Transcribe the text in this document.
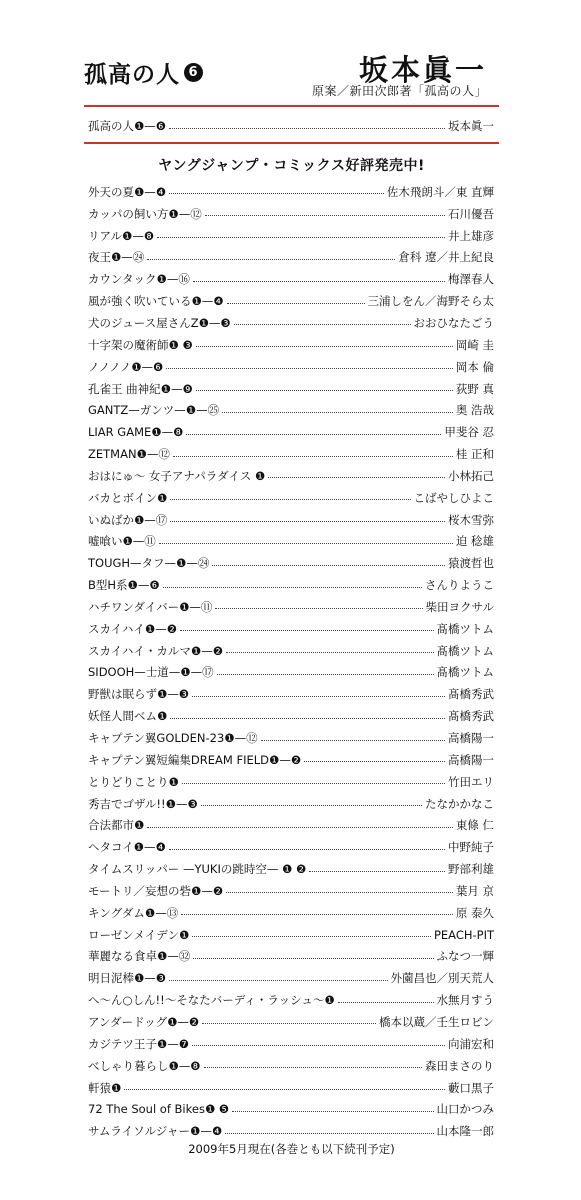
孤高の人 6	坂本眞一
原案／新田次郎著「孤高の人」
孤高の人❶—❻	坂本眞一
ヤングジャンプ・コミックス好評発売中!
外天の夏❶—❹	佐木飛朗斗／東 直輝
カッパの飼い方❶—⑫	石川優吾
リアル❶—❽	井上雄彦
夜王❶—㉔	倉科 遼／井上紀良
カウンタック❶—⑯	梅澤春人
風が強く吹いている❶—❹	三浦しをん／海野そら太
犬のジュース屋さんZ❶—❸	おおひなたごう
十字架の魔術師❶ ❸	岡崎 圭
ノノノノ❶—❻	岡本 倫
孔雀王 曲神紀❶—❾	荻野 真
GANTZ—ガンツ—❶—㉕	奥 浩哉
LIAR GAME❶—❽	甲斐谷 忍
ZETMAN❶—⑫	桂 正和
おはにゅ〜 女子アナパラダイス ❶	小林拓己
バカとボイン❶	こばやしひよこ
いぬばか❶—⑰	桜木雪弥
嘘喰い❶—⑪	迫 稔雄
TOUGH—タフ—❶—㉔	猿渡哲也
B型H系❶—❻	さんりようこ
ハチワンダイバー❶—⑪	柴田ヨクサル
スカイハイ❶—❷	髙橋ツトム
スカイハイ・カルマ❶—❷	髙橋ツトム
SIDOOH—士道—❶—⑰	髙橋ツトム
野獣は眠らず❶—❸	髙橋秀武
妖怪人間ベム❶	髙橋秀武
キャプテン翼GOLDEN-23❶—⑫	高橋陽一
キャプテン翼短編集DREAM FIELD❶—❷	高橋陽一
とりどりことり❶	竹田エリ
秀吉でゴザル!!❶—❸	たなかかなこ
合法都市❶	東條 仁
ヘタコイ❶—❹	中野純子
タイムスリッパー —YUKIの跳時空— ❶ ❷	野部利雄
モートリ／妄想の砦❶—❷	葉月 京
キングダム❶—⑬	原 泰久
ローゼンメイデン❶	PEACH-PIT
華麗なる食卓❶—㉜	ふなつ一輝
明日泥棒❶—❸	外薗昌也／別天荒人
へ〜ん○しん!!〜そなたバーディ・ラッシュ〜❶	水無月すう
アンダードッグ❶—❷	橋本以蔵／壬生ロビン
カジテツ王子❶—❼	向浦宏和
べしゃり暮らし❶—❽	森田まさのり
軒猿❶	藪口黒子
72 The Soul of Bikes❶ ❺	山口かつみ
サムライソルジャー❶—❹	山本隆一郎
2009年5月現在(各巻とも以下続刊予定)
